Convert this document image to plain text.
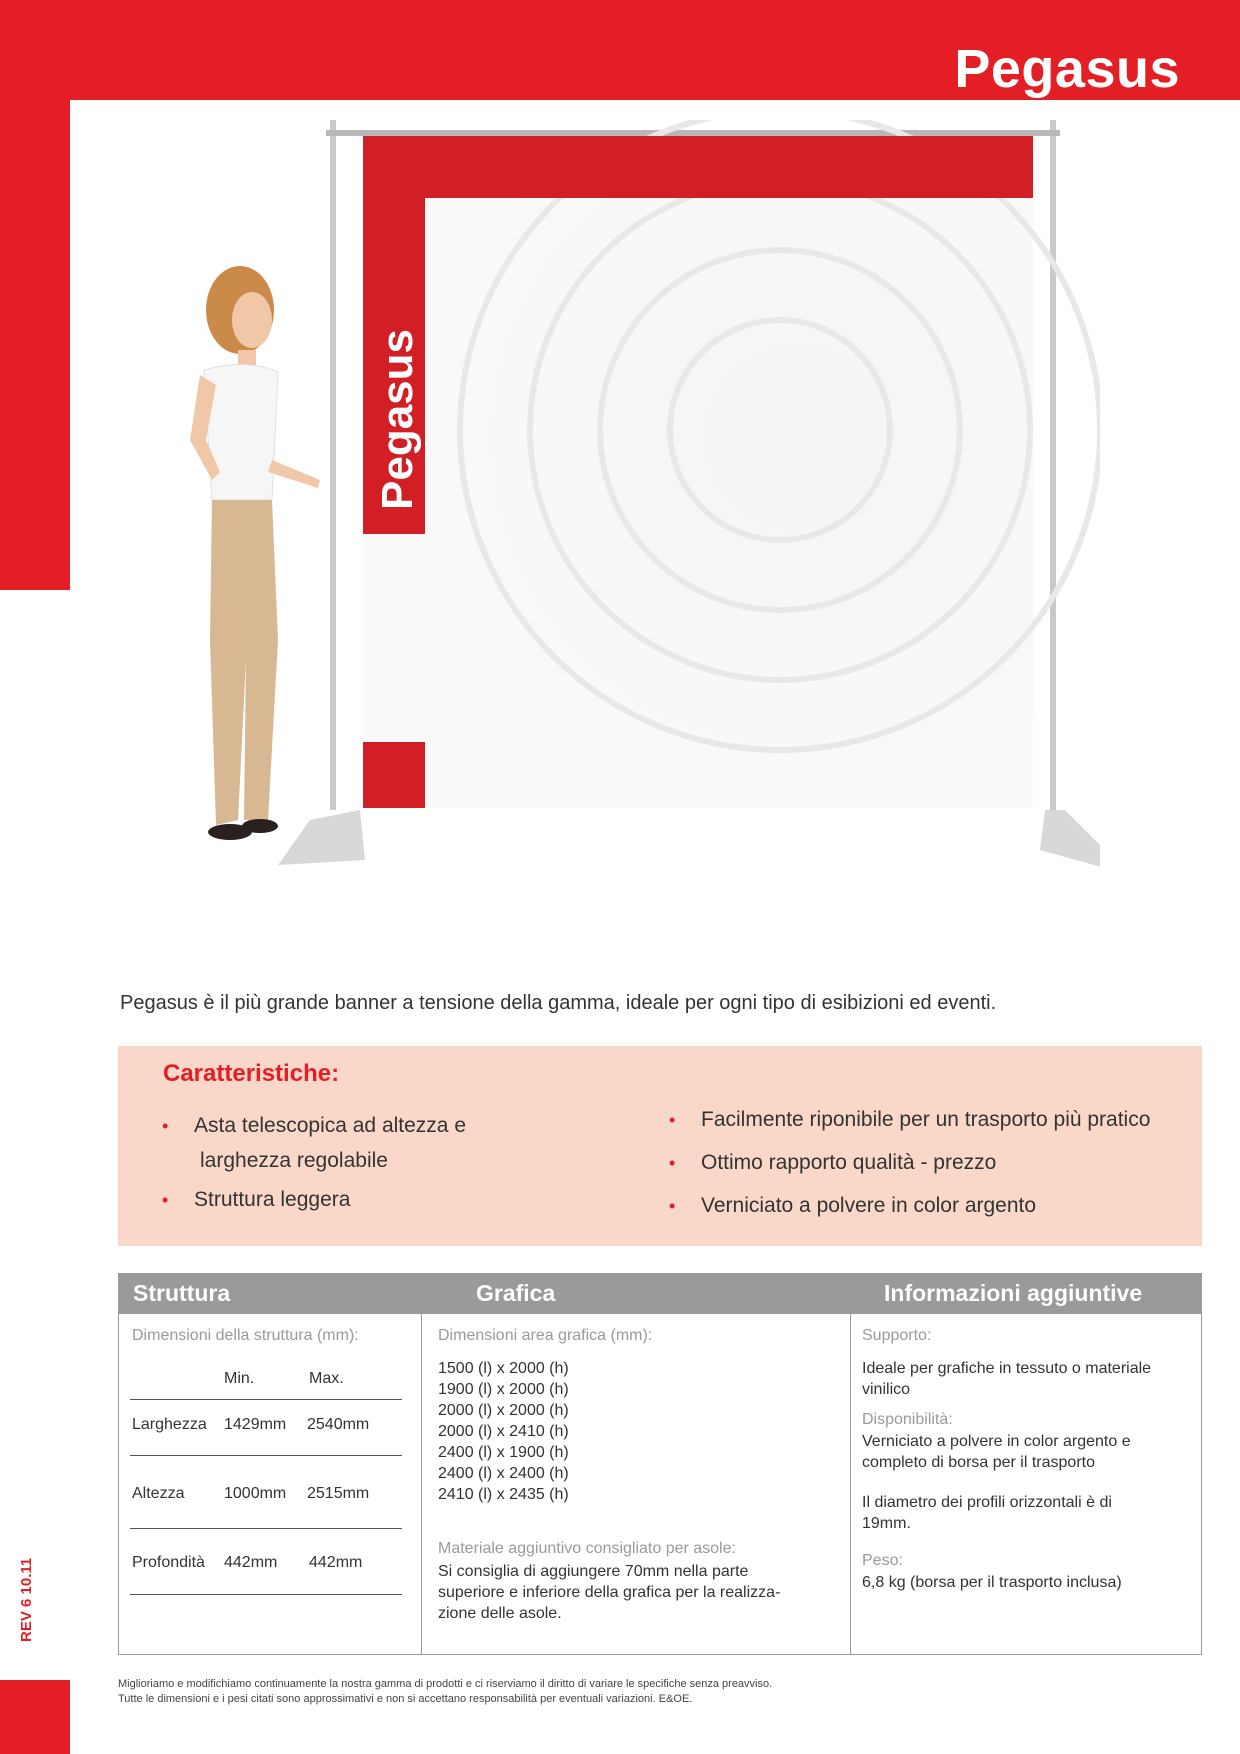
Pegasus
REV 6 10.11
Pegasus
Pegasus è il più grande banner a tensione della gamma, ideale per ogni tipo di esibizioni ed eventi.
Caratteristiche:
• Asta telescopica ad altezza e
larghezza regolabile
• Struttura leggera
• Facilmente riponibile per un trasporto più pratico
• Ottimo rapporto qualità - prezzo
• Verniciato a polvere in color argento
Struttura	Grafica	Informazioni aggiuntive
Dimensioni della struttura (mm):
Min.	Max.
Larghezza 1429mm 2540mm
Altezza 1000mm 2515mm
Profondità 442mm 442mm
Dimensioni area grafica (mm):
1500 (l) x 2000 (h)
1900 (l) x 2000 (h)
2000 (l) x 2000 (h)
2000 (l) x 2410 (h)
2400 (l) x 1900 (h)
2400 (l) x 2400 (h)
2410 (l) x 2435 (h)
Materiale aggiuntivo consigliato per asole:
Si consiglia di aggiungere 70mm nella parte
superiore e inferiore della grafica per la realizza-
zione delle asole.
Supporto:
Ideale per grafiche in tessuto o materiale
vinilico
Disponibilità:
Verniciato a polvere in color argento e
completo di borsa per il trasporto
Il diametro dei profili orizzontali è di
19mm.
Peso:
6,8 kg (borsa per il trasporto inclusa)
Miglioriamo e modifichiamo continuamente la nostra gamma di prodotti e ci riserviamo il diritto di variare le specifiche senza preavviso.
Tutte le dimensioni e i pesi citati sono approssimativi e non si accettano responsabilità per eventuali variazioni. E&OE.
